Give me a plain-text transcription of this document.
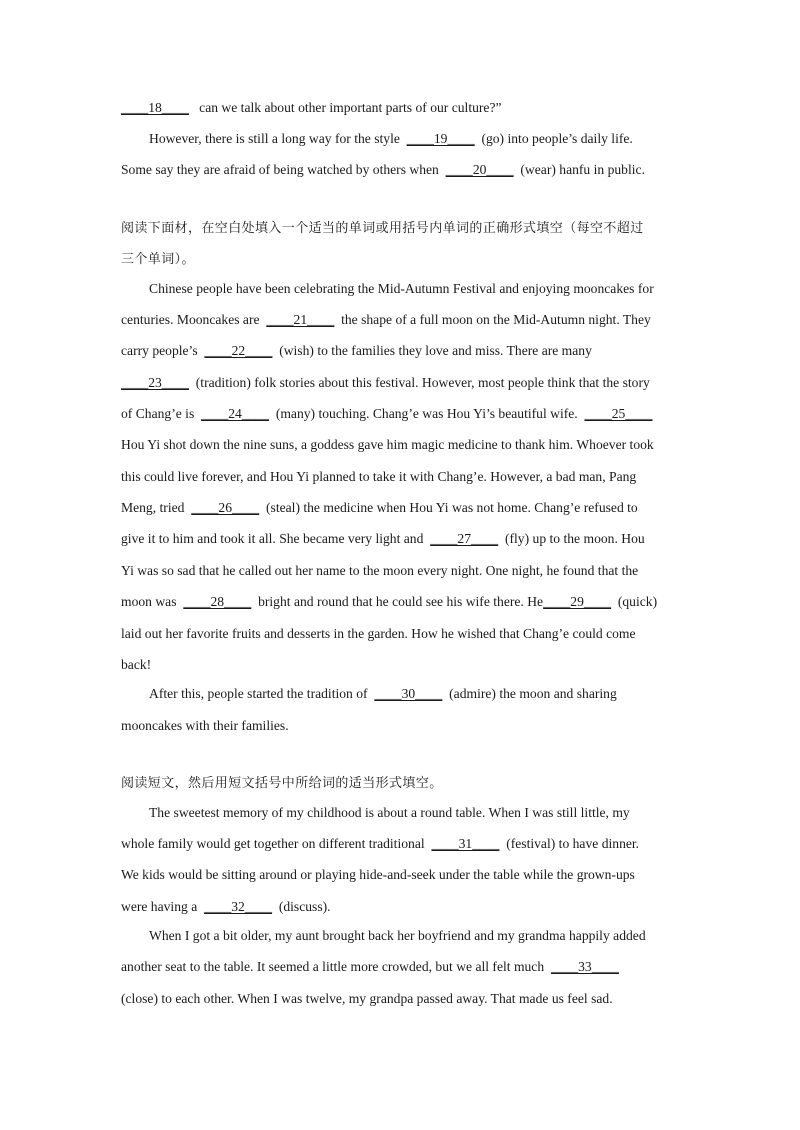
____18____ can we talk about other important parts of our culture?”
However, there is still a long way for the style ____19____ (go) into people’s daily life.
Some say they are afraid of being watched by others when ____20____ (wear) hanfu in public.
阅读下面材，在空白处填入一个适当的单词或用括号内单词的正确形式填空（每空不超过
三个单词）。
Chinese people have been celebrating the Mid-Autumn Festival and enjoying mooncakes for
centuries. Mooncakes are ____21____ the shape of a full moon on the Mid-Autumn night. They
carry people’s ____22____ (wish) to the families they love and miss. There are many
____23____ (tradition) folk stories about this festival. However, most people think that the story
of Chang’e is ____24____ (many) touching. Chang’e was Hou Yi’s beautiful wife. ____25____
Hou Yi shot down the nine suns, a goddess gave him magic medicine to thank him. Whoever took
this could live forever, and Hou Yi planned to take it with Chang’e. However, a bad man, Pang
Meng, tried ____26____ (steal) the medicine when Hou Yi was not home. Chang’e refused to
give it to him and took it all. She became very light and ____27____ (fly) up to the moon. Hou
Yi was so sad that he called out her name to the moon every night. One night, he found that the
moon was ____28____ bright and round that he could see his wife there. He____29____ (quick)
laid out her favorite fruits and desserts in the garden. How he wished that Chang’e could come
back!
After this, people started the tradition of ____30____ (admire) the moon and sharing
mooncakes with their families.
阅读短文，然后用短文括号中所给词的适当形式填空。
The sweetest memory of my childhood is about a round table. When I was still little, my
whole family would get together on different traditional ____31____ (festival) to have dinner.
We kids would be sitting around or playing hide-and-seek under the table while the grown-ups
were having a ____32____ (discuss).
When I got a bit older, my aunt brought back her boyfriend and my grandma happily added
another seat to the table. It seemed a little more crowded, but we all felt much ____33____
(close) to each other. When I was twelve, my grandpa passed away. That made us feel sad.
